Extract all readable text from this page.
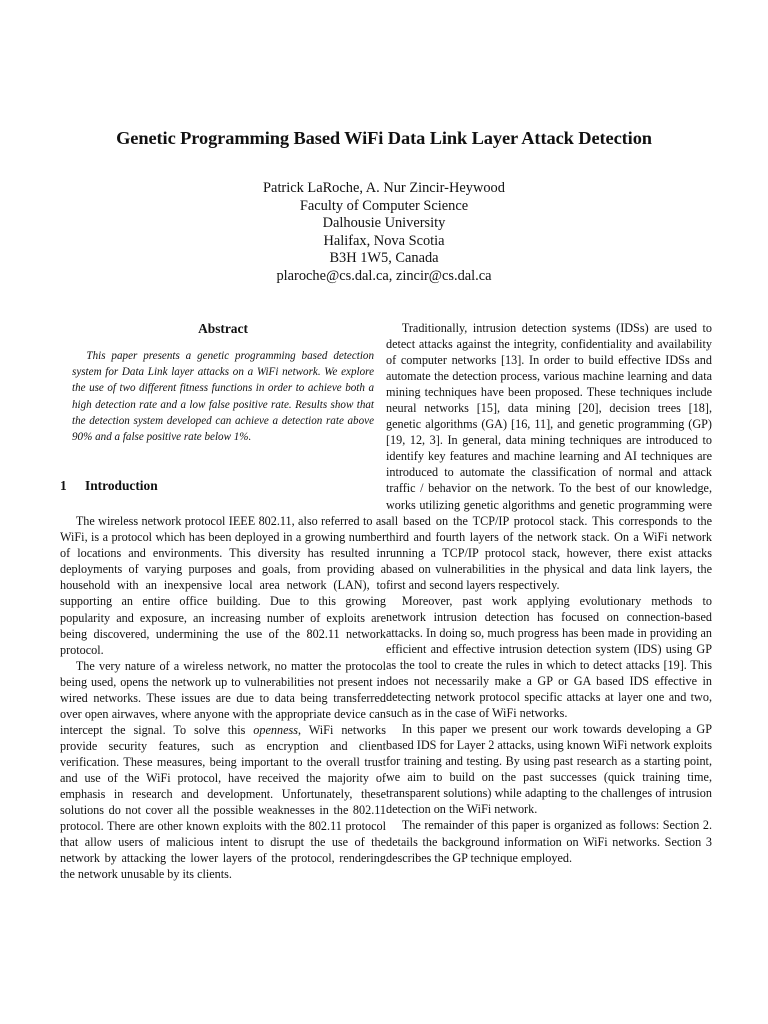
Genetic Programming Based WiFi Data Link Layer Attack Detection
Patrick LaRoche, A. Nur Zincir-Heywood
Faculty of Computer Science
Dalhousie University
Halifax, Nova Scotia
B3H 1W5, Canada
plaroche@cs.dal.ca, zincir@cs.dal.ca
Abstract

This paper presents a genetic programming based detection system for Data Link layer attacks on a WiFi network. We explore the use of two different fitness functions in order to achieve both a high detection rate and a low false positive rate. Results show that the detection system developed can achieve a detection rate above 90% and a false positive rate below 1%.

1 Introduction

The wireless network protocol IEEE 802.11, also referred to as WiFi, is a protocol which has been deployed in a growing number of locations and environments. This diversity has resulted in deployments of varying purposes and goals, from providing a household with an inexpensive local area network (LAN), to supporting an entire office building. Due to this growing popularity and exposure, an increasing number of exploits are being discovered, undermining the use of the 802.11 network protocol.

The very nature of a wireless network, no matter the protocol being used, opens the network up to vulnerabilities not present in wired networks. These issues are due to data being transferred over open airwaves, where anyone with the appropriate device can intercept the signal. To solve this openness, WiFi networks provide security features, such as encryption and client verification. These measures, being important to the overall trust and use of the WiFi protocol, have received the majority of emphasis in research and development. Unfortunately, these solutions do not cover all the possible weaknesses in the 802.11 protocol. There are other known exploits with the 802.11 protocol that allow users of malicious intent to disrupt the use of the network by attacking the lower layers of the protocol, rendering the network unusable by its clients.

Traditionally, intrusion detection systems (IDSs) are used to detect attacks against the integrity, confidentiality and availability of computer networks [13]. In order to build effective IDSs and automate the detection process, various machine learning and data mining techniques have been proposed. These techniques include neural networks [15], data mining [20], decision trees [18], genetic algorithms (GA) [16, 11], and genetic programming (GP) [19, 12, 3]. In general, data mining techniques are introduced to identify key features and machine learning and AI techniques are introduced to automate the classification of normal and attack traffic / behavior on the network. To the best of our knowledge, works utilizing genetic algorithms and genetic programming were all based on the TCP/IP protocol stack. This corresponds to the third and fourth layers of the network stack. On a WiFi network running a TCP/IP protocol stack, however, there exist attacks based on vulnerabilities in the physical and data link layers, the first and second layers respectively.

Moreover, past work applying evolutionary methods to network intrusion detection has focused on connection-based attacks. In doing so, much progress has been made in providing an efficient and effective intrusion detection system (IDS) using GP as the tool to create the rules in which to detect attacks [19]. This does not necessarily make a GP or GA based IDS effective in detecting network protocol specific attacks at layer one and two, such as in the case of WiFi networks.

In this paper we present our work towards developing a GP based IDS for Layer 2 attacks, using known WiFi network exploits for training and testing. By using past research as a starting point, we aim to build on the past successes (quick training time, transparent solutions) while adapting to the challenges of intrusion detection on the WiFi network.

The remainder of this paper is organized as follows: Section 2. details the background information on WiFi networks. Section 3 describes the GP technique employed.
